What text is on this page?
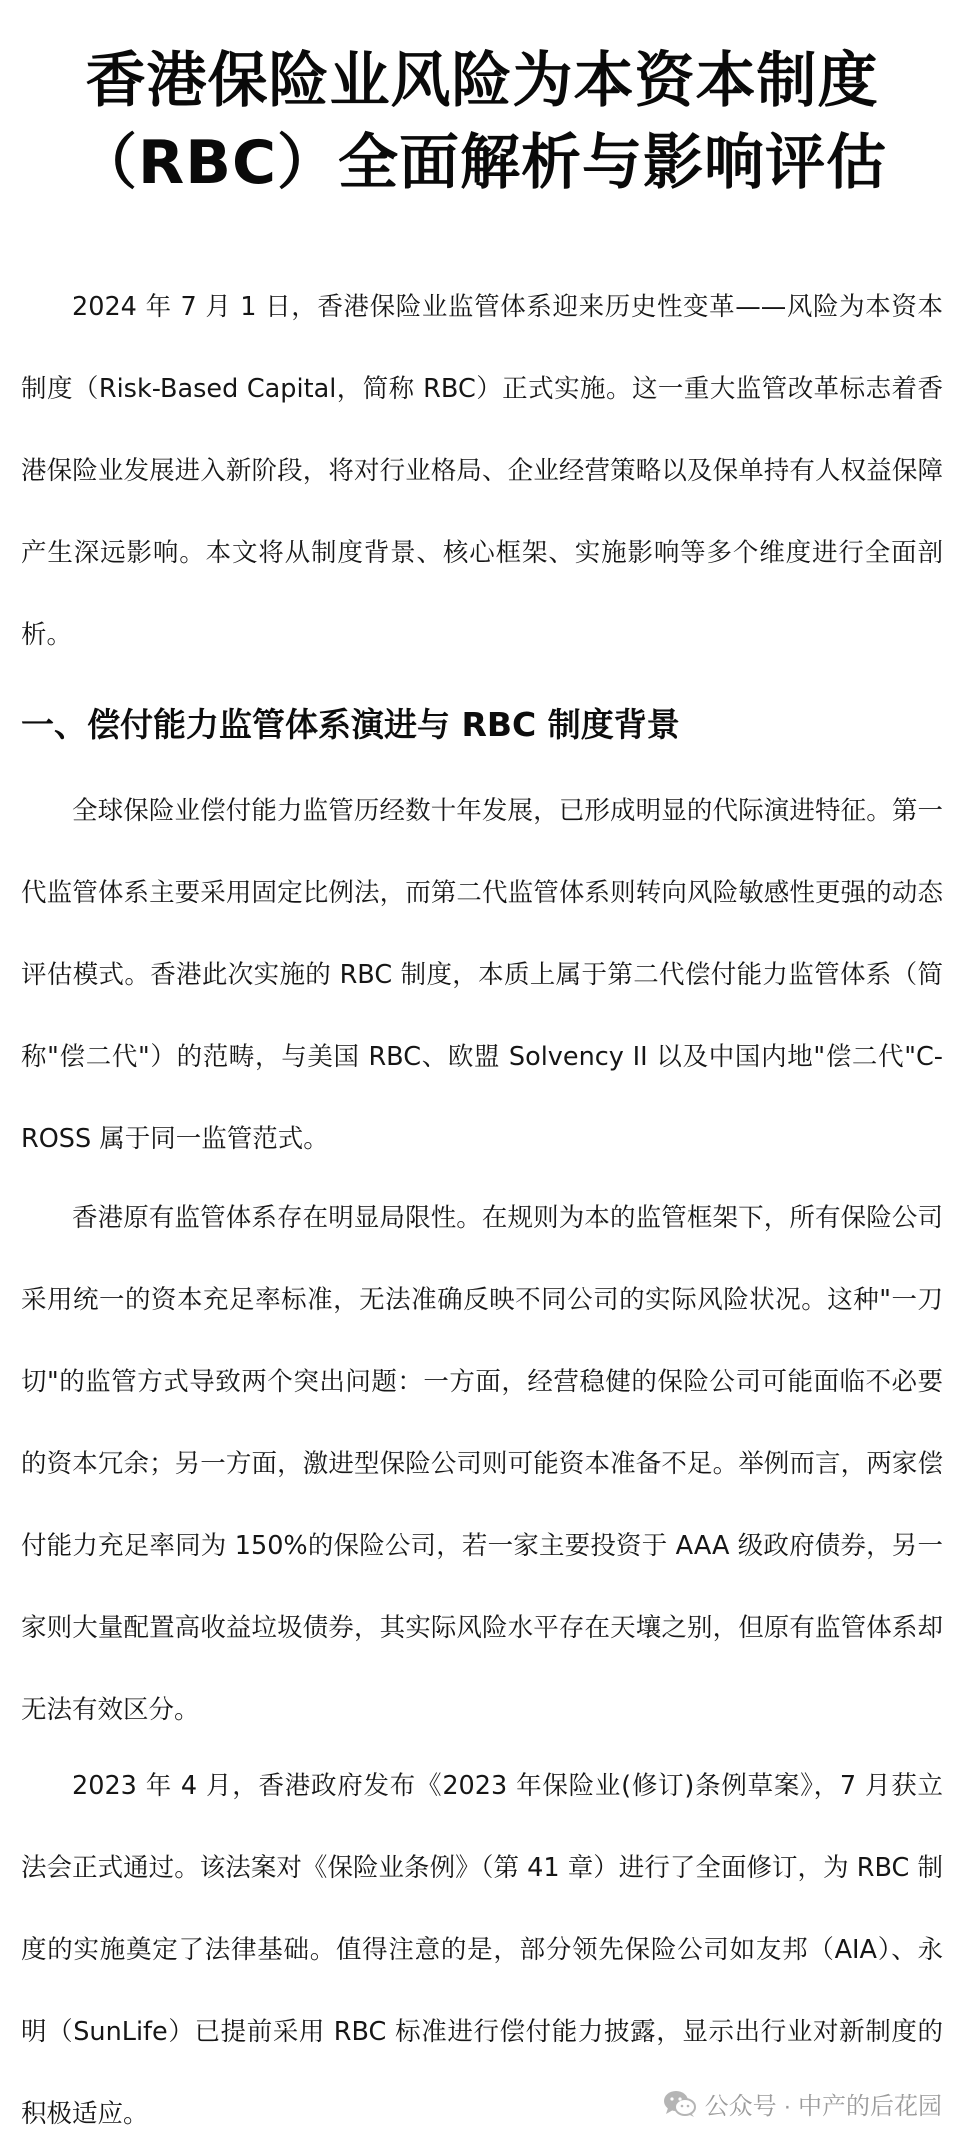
香港保险业风险为本资本制度（RBC）全面解析与影响评估

2024 年 7 月 1 日，香港保险业监管体系迎来历史性变革——风险为本资本制度（Risk-Based Capital，简称 RBC）正式实施。这一重大监管改革标志着香港保险业发展进入新阶段，将对行业格局、企业经营策略以及保单持有人权益保障产生深远影响。本文将从制度背景、核心框架、实施影响等多个维度进行全面剖析。

一、偿付能力监管体系演进与 RBC 制度背景

全球保险业偿付能力监管历经数十年发展，已形成明显的代际演进特征。第一代监管体系主要采用固定比例法，而第二代监管体系则转向风险敏感性更强的动态评估模式。香港此次实施的 RBC 制度，本质上属于第二代偿付能力监管体系（简称"偿二代"）的范畴，与美国 RBC、欧盟 Solvency II 以及中国内地"偿二代"C-ROSS 属于同一监管范式。

香港原有监管体系存在明显局限性。在规则为本的监管框架下，所有保险公司采用统一的资本充足率标准，无法准确反映不同公司的实际风险状况。这种"一刀切"的监管方式导致两个突出问题：一方面，经营稳健的保险公司可能面临不必要的资本冗余；另一方面，激进型保险公司则可能资本准备不足。举例而言，两家偿付能力充足率同为 150%的保险公司，若一家主要投资于 AAA 级政府债券，另一家则大量配置高收益垃圾债券，其实际风险水平存在天壤之别，但原有监管体系却无法有效区分。

2023 年 4 月，香港政府发布《2023 年保险业(修订)条例草案》，7 月获立法会正式通过。该法案对《保险业条例》（第 41 章）进行了全面修订，为 RBC 制度的实施奠定了法律基础。值得注意的是，部分领先保险公司如友邦（AIA）、永明（SunLife）已提前采用 RBC 标准进行偿付能力披露，显示出行业对新制度的积极适应。	公众号 · 中产的后花园
